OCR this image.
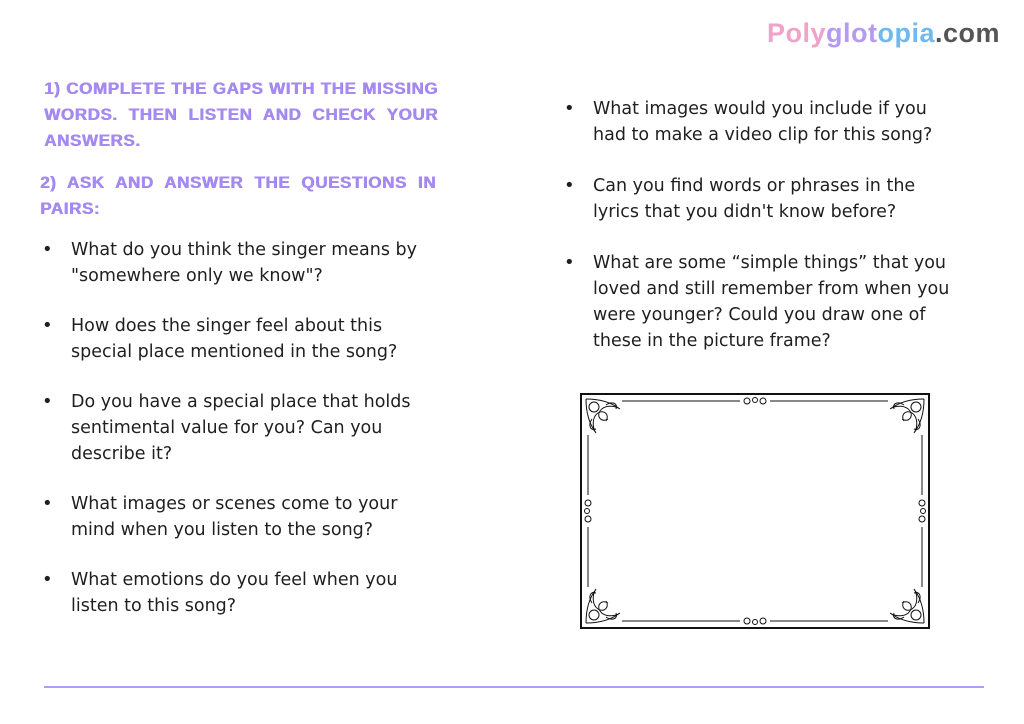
Polyglotopia.com
1) COMPLETE THE GAPS WITH THE MISSING WORDS. THEN LISTEN AND CHECK YOUR ANSWERS.
2) ASK AND ANSWER THE QUESTIONS IN PAIRS:
• What do you think the singer means by "somewhere only we know"?
• How does the singer feel about this special place mentioned in the song?
• Do you have a special place that holds sentimental value for you? Can you describe it?
• What images or scenes come to your mind when you listen to the song?
• What emotions do you feel when you listen to this song?
• What images would you include if you had to make a video clip for this song?
• Can you find words or phrases in the lyrics that you didn't know before?
• What are some “simple things” that you loved and still remember from when you were younger? Could you draw one of these in the picture frame?
